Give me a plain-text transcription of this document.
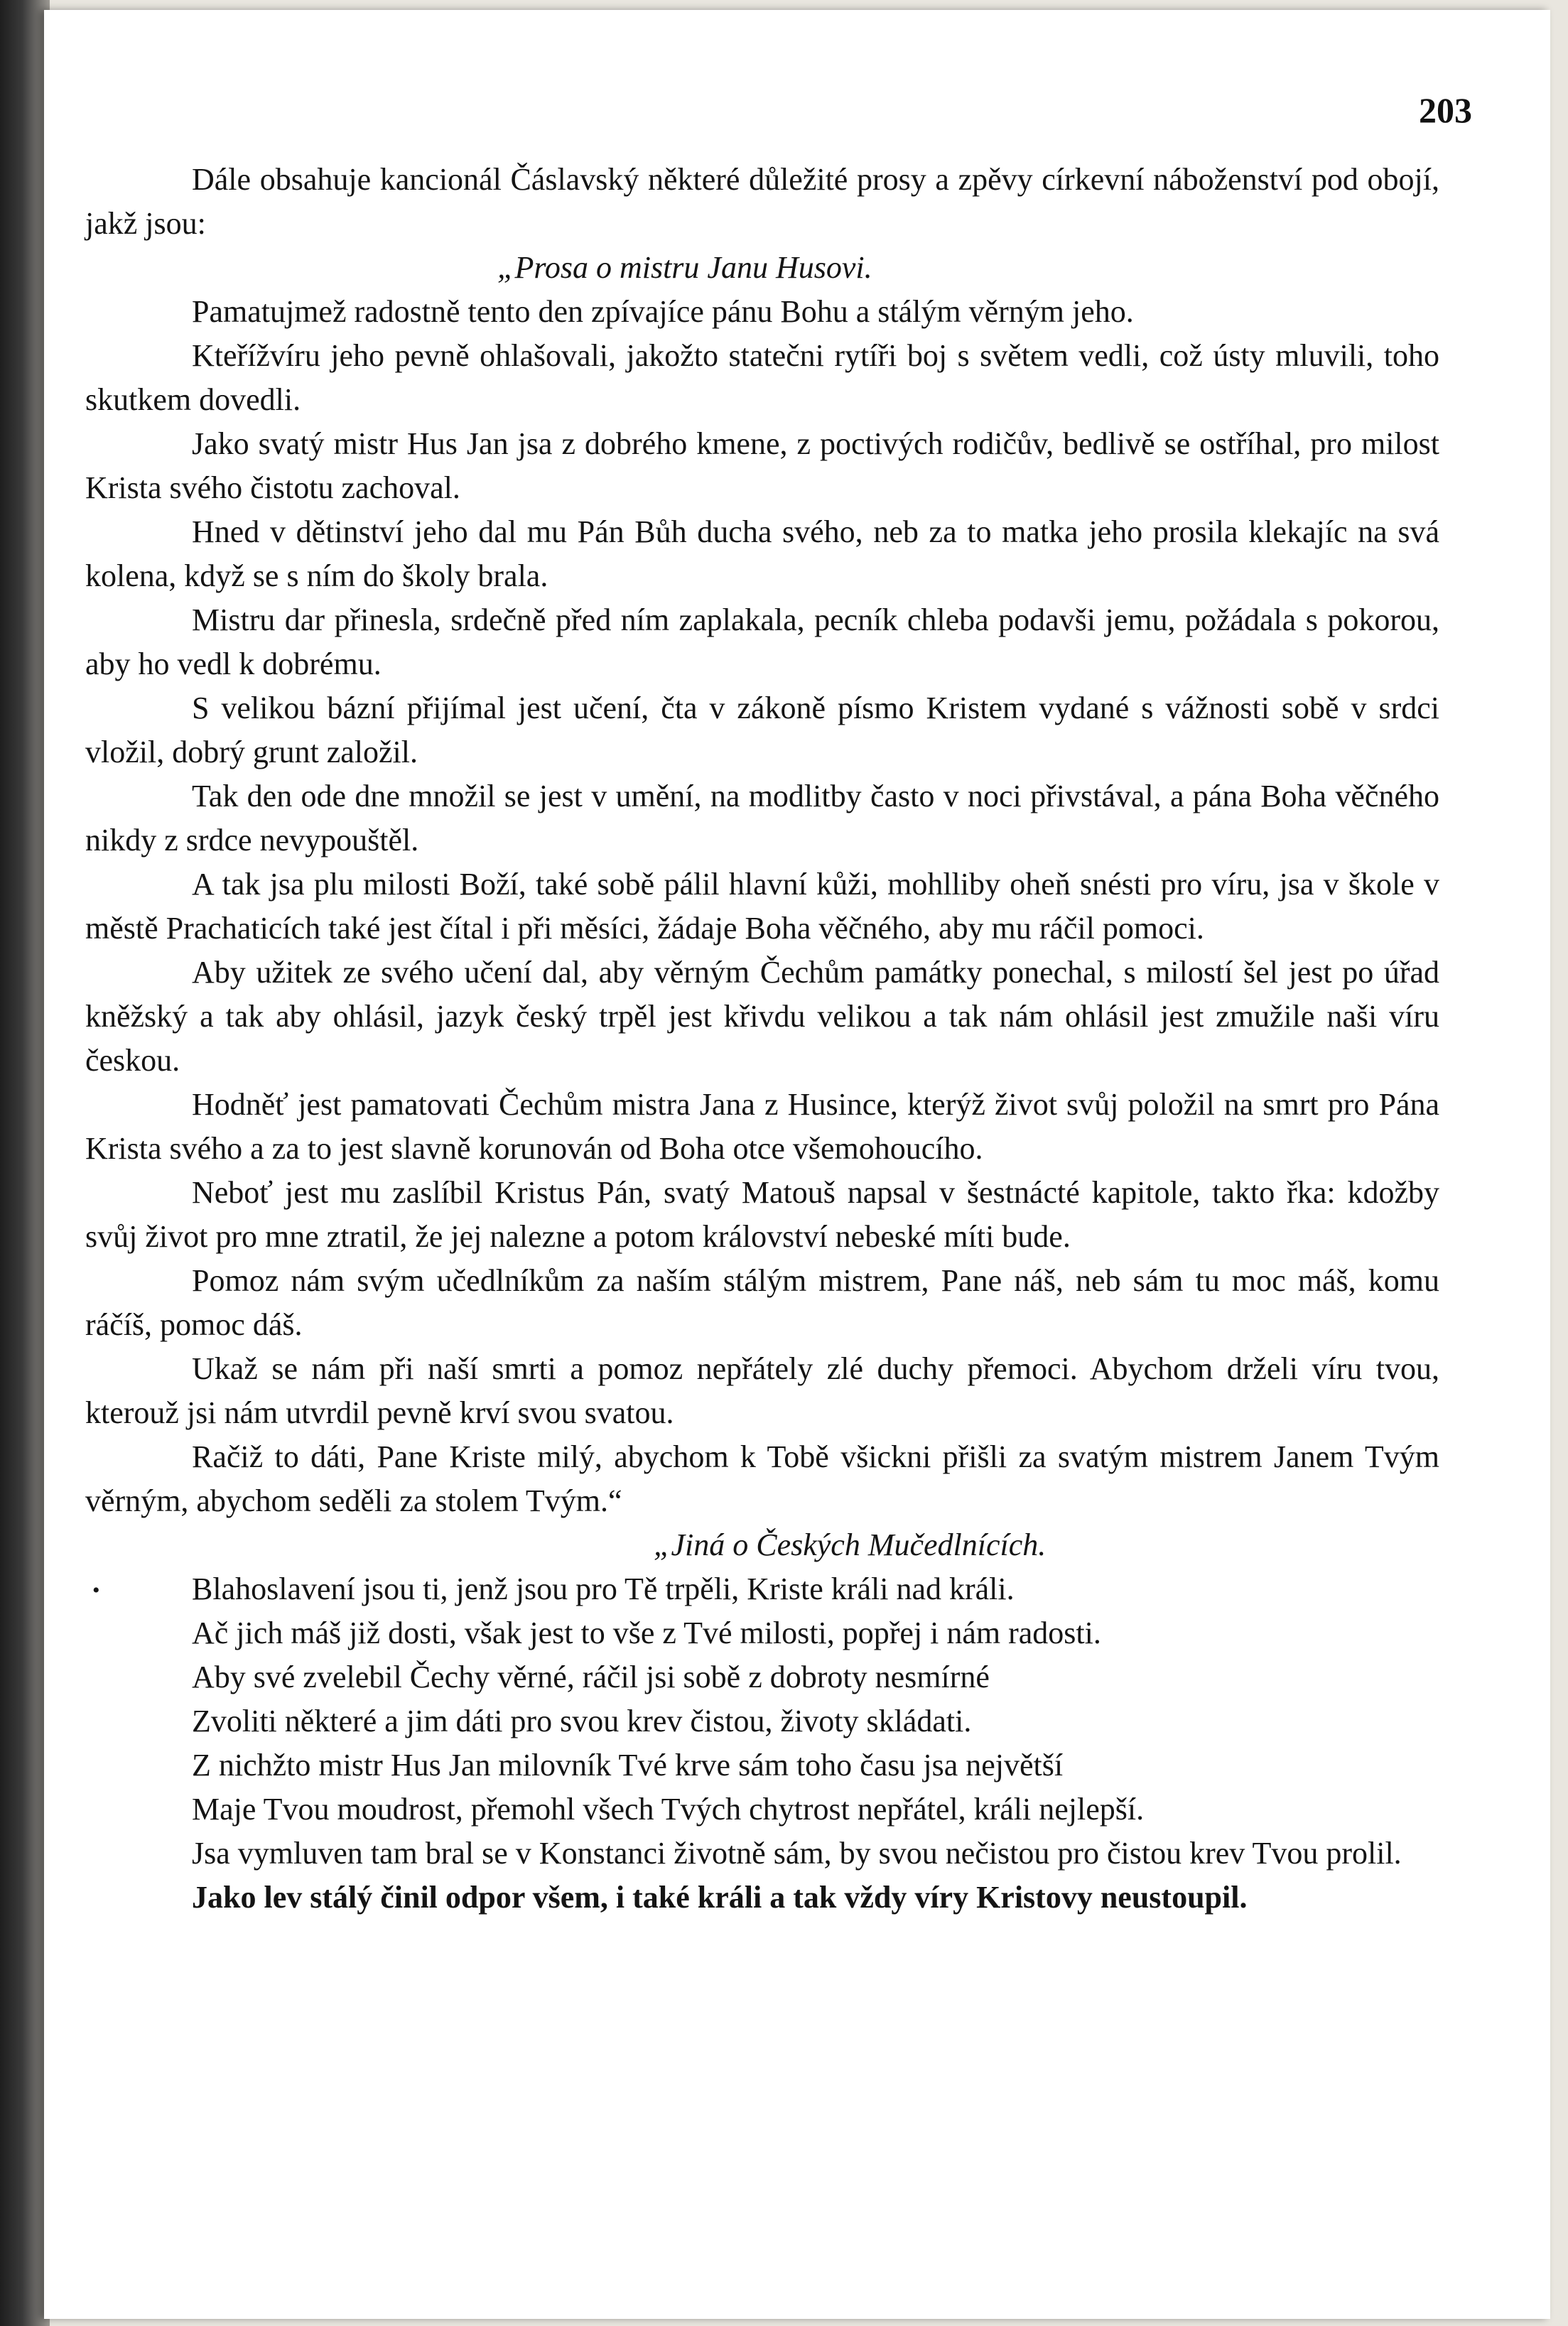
203

Dále obsahuje kancionál Čáslavský některé důležité prosy a zpěvy církevní náboženství pod obojí, jakž jsou:

„Prosa o mistru Janu Husovi.

Pamatujmež radostně tento den zpívajíce pánu Bohu a stálým věrným jeho.

Kteřížvíru jeho pevně ohlašovali, jakožto statečni rytíři boj s světem vedli, což ústy mluvili, toho skutkem dovedli.

Jako svatý mistr Hus Jan jsa z dobrého kmene, z poctivých rodičův, bedlivě se ostříhal, pro milost Krista svého čistotu zachoval.

Hned v dětinství jeho dal mu Pán Bůh ducha svého, neb za to matka jeho prosila klekajíc na svá kolena, když se s ním do školy brala.

Mistru dar přinesla, srdečně před ním zaplakala, pecník chleba podavši jemu, požádala s pokorou, aby ho vedl k dobrému.

S velikou bázní přijímal jest učení, čta v zákoně písmo Kristem vydané s vážnosti sobě v srdci vložil, dobrý grunt založil.

Tak den ode dne množil se jest v umění, na modlitby často v noci přivstával, a pána Boha věčného nikdy z srdce nevypouštěl.

A tak jsa plu milosti Boží, také sobě pálil hlavní kůži, mohlliby oheň snésti pro víru, jsa v škole v městě Prachaticích také jest čítal i při měsíci, žádaje Boha věčného, aby mu ráčil pomoci.

Aby užitek ze svého učení dal, aby věrným Čechům památky ponechal, s milostí šel jest po úřad kněžský a tak aby ohlásil, jazyk český trpěl jest křivdu velikou a tak nám ohlásil jest zmužile naši víru českou.

Hodněť jest pamatovati Čechům mistra Jana z Husince, kterýž život svůj položil na smrt pro Pána Krista svého a za to jest slavně korunován od Boha otce všemohoucího.

Neboť jest mu zaslíbil Kristus Pán, svatý Matouš napsal v šestnácté kapitole, takto řka: kdožby svůj život pro mne ztratil, že jej nalezne a potom království nebeské míti bude.

Pomoz nám svým učedlníkům za naším stálým mistrem, Pane náš, neb sám tu moc máš, komu ráčíš, pomoc dáš.

Ukaž se nám při naší smrti a pomoz nepřátely zlé duchy přemoci. Abychom drželi víru tvou, kterouž jsi nám utvrdil pevně krví svou svatou.

Račiž to dáti, Pane Kriste milý, abychom k Tobě všickni přišli za svatým mistrem Janem Tvým věrným, abychom seděli za stolem Tvým.“

„Jiná o Českých Mučedlnících.

•	Blahoslavení jsou ti, jenž jsou pro Tě trpěli, Kriste králi nad králi.

Ač jich máš již dosti, však jest to vše z Tvé milosti, popřej i nám radosti.

Aby své zvelebil Čechy věrné, ráčil jsi sobě z dobroty nesmírné

Zvoliti některé a jim dáti pro svou krev čistou, životy skládati.

Z nichžto mistr Hus Jan milovník Tvé krve sám toho času jsa největší

Maje Tvou moudrost, přemohl všech Tvých chytrost nepřátel, králi nejlepší.

Jsa vymluven tam bral se v Konstanci životně sám, by svou nečistou pro čistou krev Tvou prolil.

Jako lev stálý činil odpor všem, i také králi a tak vždy víry Kristovy neustoupil.
